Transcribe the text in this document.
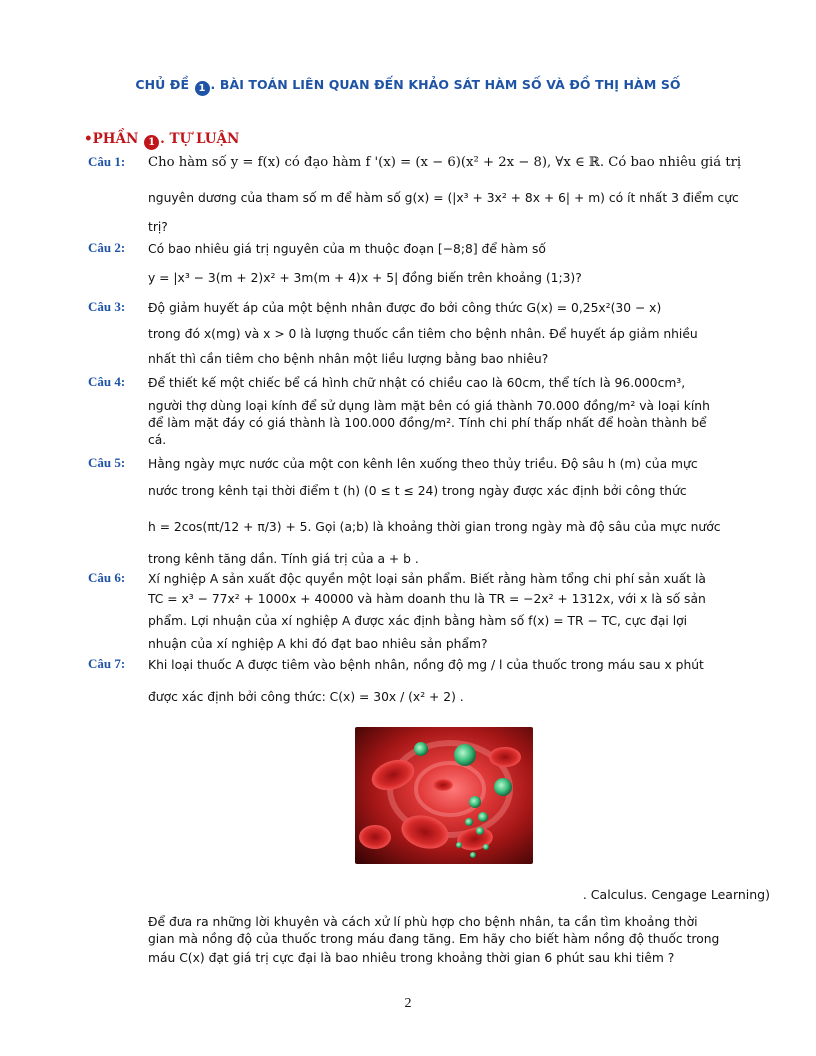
CHỦ ĐỀ 1 . BÀI TOÁN LIÊN QUAN ĐẾN KHẢO SÁT HÀM SỐ VÀ ĐỒ THỊ HÀM SỐ
•PHẦN 1 . TỰ LUẬN
Câu 1: Cho hàm số y = f(x) có đạo hàm f '(x) = (x − 6)(x² + 2x − 8), ∀x ∈ ℝ. Có bao nhiêu giá trị
nguyên dương của tham số m để hàm số g(x) = (|x³ + 3x² + 8x + 6| + m) có ít nhất 3 điểm cực
trị?
Câu 2: Có bao nhiêu giá trị nguyên của m thuộc đoạn [−8;8] để hàm số
y = |x³ − 3(m + 2)x² + 3m(m + 4)x + 5| đồng biến trên khoảng (1;3)?
Câu 3: Độ giảm huyết áp của một bệnh nhân được đo bởi công thức G(x) = 0,25x²(30 − x)
trong đó x(mg) và x > 0 là lượng thuốc cần tiêm cho bệnh nhân. Để huyết áp giảm nhiều
nhất thì cần tiêm cho bệnh nhân một liều lượng bằng bao nhiêu?
Câu 4: Để thiết kế một chiếc bể cá hình chữ nhật có chiều cao là 60cm, thể tích là 96.000cm³,
người thợ dùng loại kính để sử dụng làm mặt bên có giá thành 70.000 đồng/m² và loại kính
để làm mặt đáy có giá thành là 100.000 đồng/m². Tính chi phí thấp nhất để hoàn thành bể
cá.
Câu 5: Hằng ngày mực nước của một con kênh lên xuống theo thủy triều. Độ sâu h (m) của mực
nước trong kênh tại thời điểm t (h) (0 ≤ t ≤ 24) trong ngày được xác định bởi công thức
h = 2cos(πt/12 + π/3) + 5. Gọi (a;b) là khoảng thời gian trong ngày mà độ sâu của mực nước
trong kênh tăng dần. Tính giá trị của a + b .
Câu 6: Xí nghiệp A sản xuất độc quyền một loại sản phẩm. Biết rằng hàm tổng chi phí sản xuất là
TC = x³ − 77x² + 1000x + 40000 và hàm doanh thu là TR = −2x² + 1312x, với x là số sản
phẩm. Lợi nhuận của xí nghiệp A được xác định bằng hàm số f(x) = TR − TC, cực đại lợi
nhuận của xí nghiệp A khi đó đạt bao nhiêu sản phẩm?
Câu 7: Khi loại thuốc A được tiêm vào bệnh nhân, nồng độ mg / l của thuốc trong máu sau x phút
được xác định bởi công thức: C(x) = 30x / (x² + 2) .
. Calculus. Cengage Learning)
Để đưa ra những lời khuyên và cách xử lí phù hợp cho bệnh nhân, ta cần tìm khoảng thời
gian mà nồng độ của thuốc trong máu đang tăng. Em hãy cho biết hàm nồng độ thuốc trong
máu C(x) đạt giá trị cực đại là bao nhiêu trong khoảng thời gian 6 phút sau khi tiêm ?
2
